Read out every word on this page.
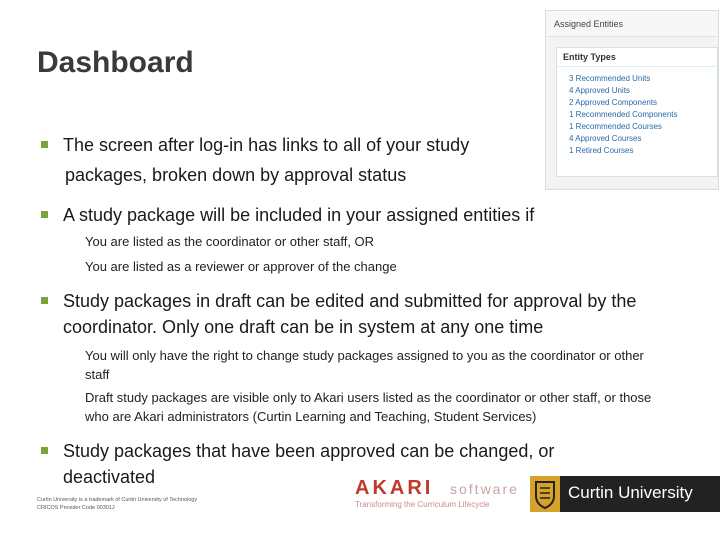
Dashboard
Assigned Entities
Entity Types
3 Recommended Units
4 Approved Units
2 Approved Components
1 Recommended Components
1 Recommended Courses
4 Approved Courses
1 Retired Courses
The screen after log-in has links to all of your study
packages, broken down by approval status
A study package will be included in your assigned entities if
You are listed as the coordinator or other staff, OR
You are listed as a reviewer or approver of the change
Study packages in draft can be edited and submitted for approval by the coordinator. Only one draft can be in system at any one time
You will only have the right to change study packages assigned to you as the coordinator or other staff
Draft study packages are visible only to Akari users listed as the coordinator or other staff, or those who are Akari administrators (Curtin Learning and Teaching, Student Services)
Study packages that have been approved can be changed, or deactivated
Curtin University is a trademark of Curtin University of Technology
CRICOS Provider Code 00301J
AKARI	software
Transforming the Curriculum Lifecycle
Curtin University
